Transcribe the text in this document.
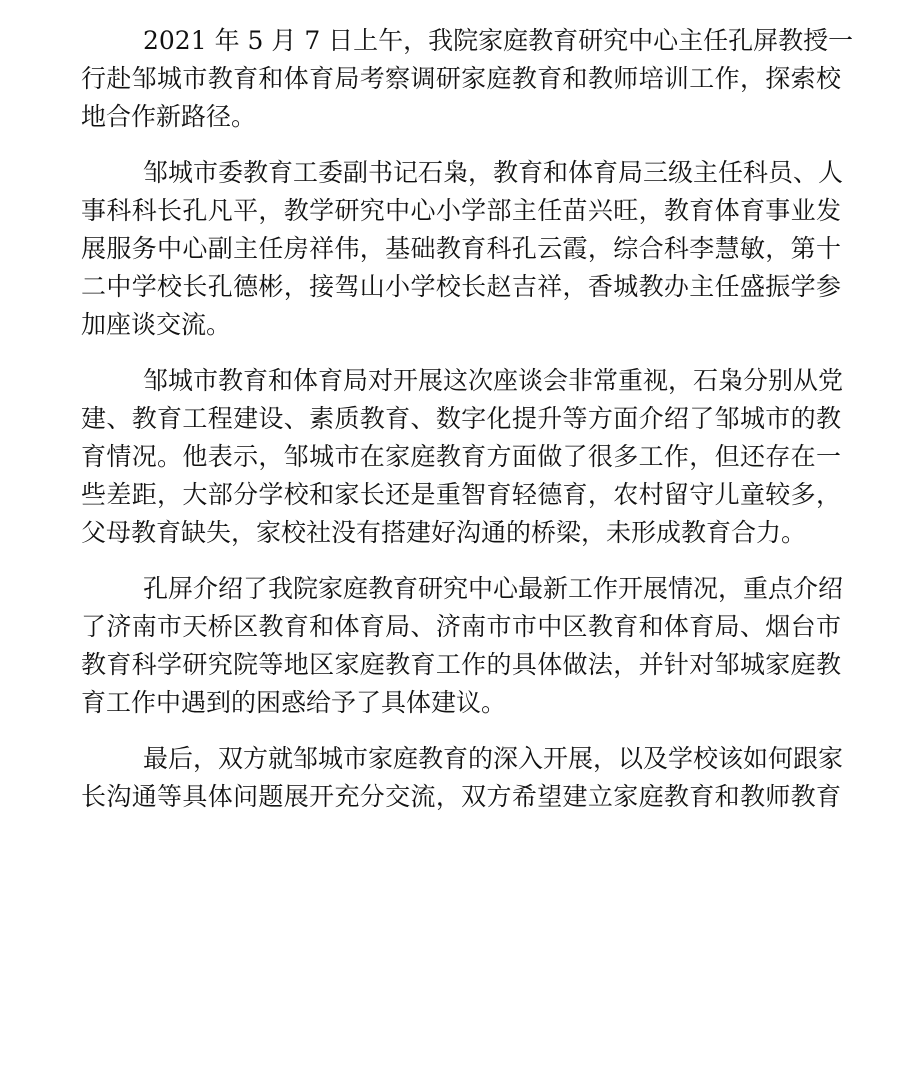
2021 年 5 月 7 日上午，我院家庭教育研究中心主任孔屏教授一
行赴邹城市教育和体育局考察调研家庭教育和教师培训工作，探索校
地合作新路径。
邹城市委教育工委副书记石枭，教育和体育局三级主任科员、人
事科科长孔凡平，教学研究中心小学部主任苗兴旺，教育体育事业发
展服务中心副主任房祥伟，基础教育科孔云霞，综合科李慧敏，第十
二中学校长孔德彬，接驾山小学校长赵吉祥，香城教办主任盛振学参
加座谈交流。
邹城市教育和体育局对开展这次座谈会非常重视，石枭分别从党
建、教育工程建设、素质教育、数字化提升等方面介绍了邹城市的教
育情况。他表示，邹城市在家庭教育方面做了很多工作，但还存在一
些差距，大部分学校和家长还是重智育轻德育，农村留守儿童较多，
父母教育缺失，家校社没有搭建好沟通的桥梁，未形成教育合力。
孔屏介绍了我院家庭教育研究中心最新工作开展情况，重点介绍
了济南市天桥区教育和体育局、济南市市中区教育和体育局、烟台市
教育科学研究院等地区家庭教育工作的具体做法，并针对邹城家庭教
育工作中遇到的困惑给予了具体建议。
最后，双方就邹城市家庭教育的深入开展，以及学校该如何跟家
长沟通等具体问题展开充分交流，双方希望建立家庭教育和教师教育
